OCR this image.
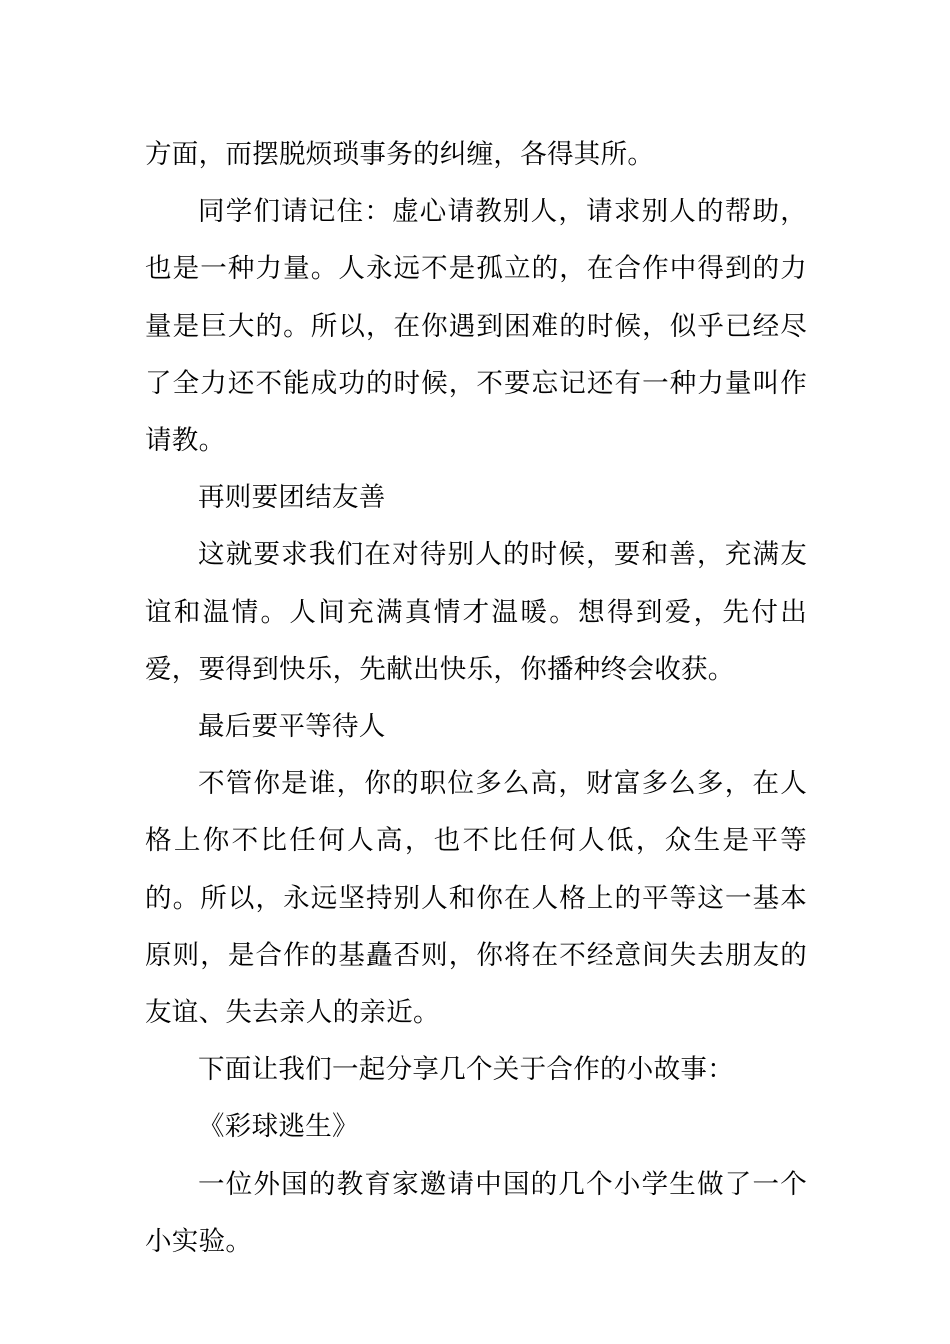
方面，而摆脱烦琐事务的纠缠，各得其所。

同学们请记住：虚心请教别人，请求别人的帮助，也是一种力量。人永远不是孤立的，在合作中得到的力量是巨大的。所以，在你遇到困难的时候，似乎已经尽了全力还不能成功的时候，不要忘记还有一种力量叫作请教。

再则要团结友善

这就要求我们在对待别人的时候，要和善，充满友谊和温情。人间充满真情才温暖。想得到爱，先付出爱，要得到快乐，先献出快乐，你播种终会收获。

最后要平等待人

不管你是谁，你的职位多么高，财富多么多，在人格上你不比任何人高，也不比任何人低，众生是平等的。所以，永远坚持别人和你在人格上的平等这一基本原则，是合作的基矗否则，你将在不经意间失去朋友的友谊、失去亲人的亲近。

下面让我们一起分享几个关于合作的小故事：

《彩球逃生》

一位外国的教育家邀请中国的几个小学生做了一个小实验。
